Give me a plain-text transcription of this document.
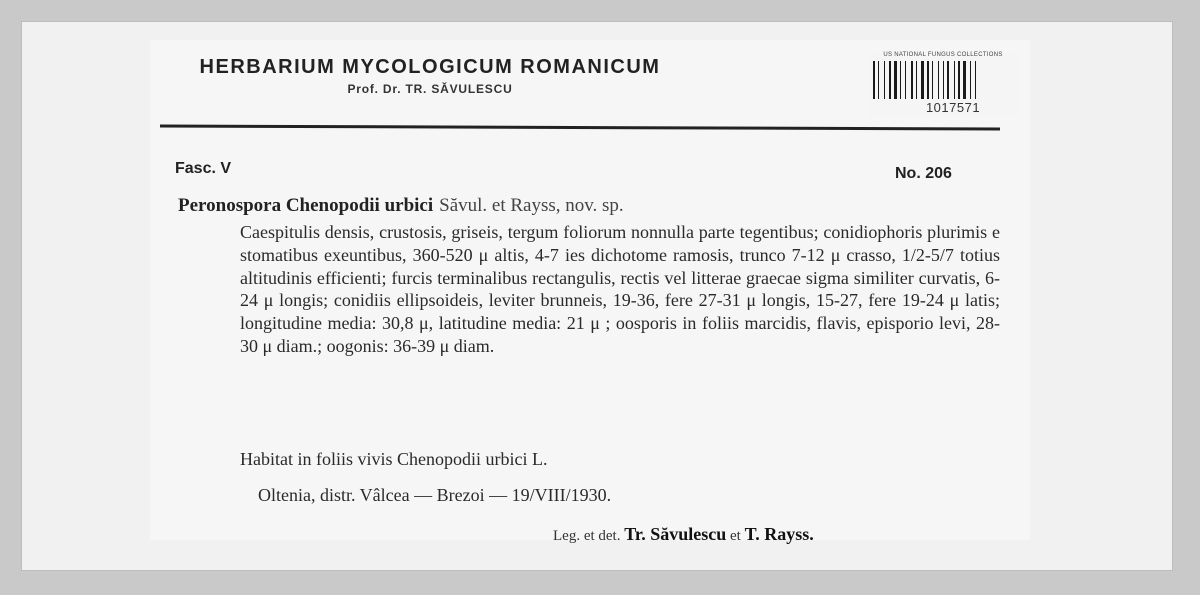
HERBARIUM MYCOLOGICUM ROMANICUM
Prof. Dr. TR. SĂVULESCU
US NATIONAL FUNGUS COLLECTIONS
1017571
Fasc. V	No. 206
Peronospora Chenopodii urbici Săvul. et Rayss, nov. sp.

Caespitulis densis, crustosis, griseis, tergum foliorum nonnulla parte tegentibus; conidiophoris plurimis e stomatibus exeuntibus, 360-520 μ altis, 4-7 ies dichotome ramosis, trunco 7-12 μ crasso, 1/2-5/7 totius altitudinis efficienti; furcis terminalibus rectangulis, rectis vel litterae graecae sigma similiter curvatis, 6-24 μ longis; conidiis ellipsoideis, leviter brunneis, 19-36, fere 27-31 μ longis, 15-27, fere 19-24 μ latis; longitudine media: 30,8 μ, latitudine media: 21 μ ; oosporis in foliis marcidis, flavis, episporio levi, 28-30 μ diam.; oogonis: 36-39 μ diam.

Habitat in foliis vivis Chenopodii urbici L.
Oltenia, distr. Vâlcea — Brezoi — 19/VIII/1930.
Leg. et det. Tr. Săvulescu et T. Rayss.
